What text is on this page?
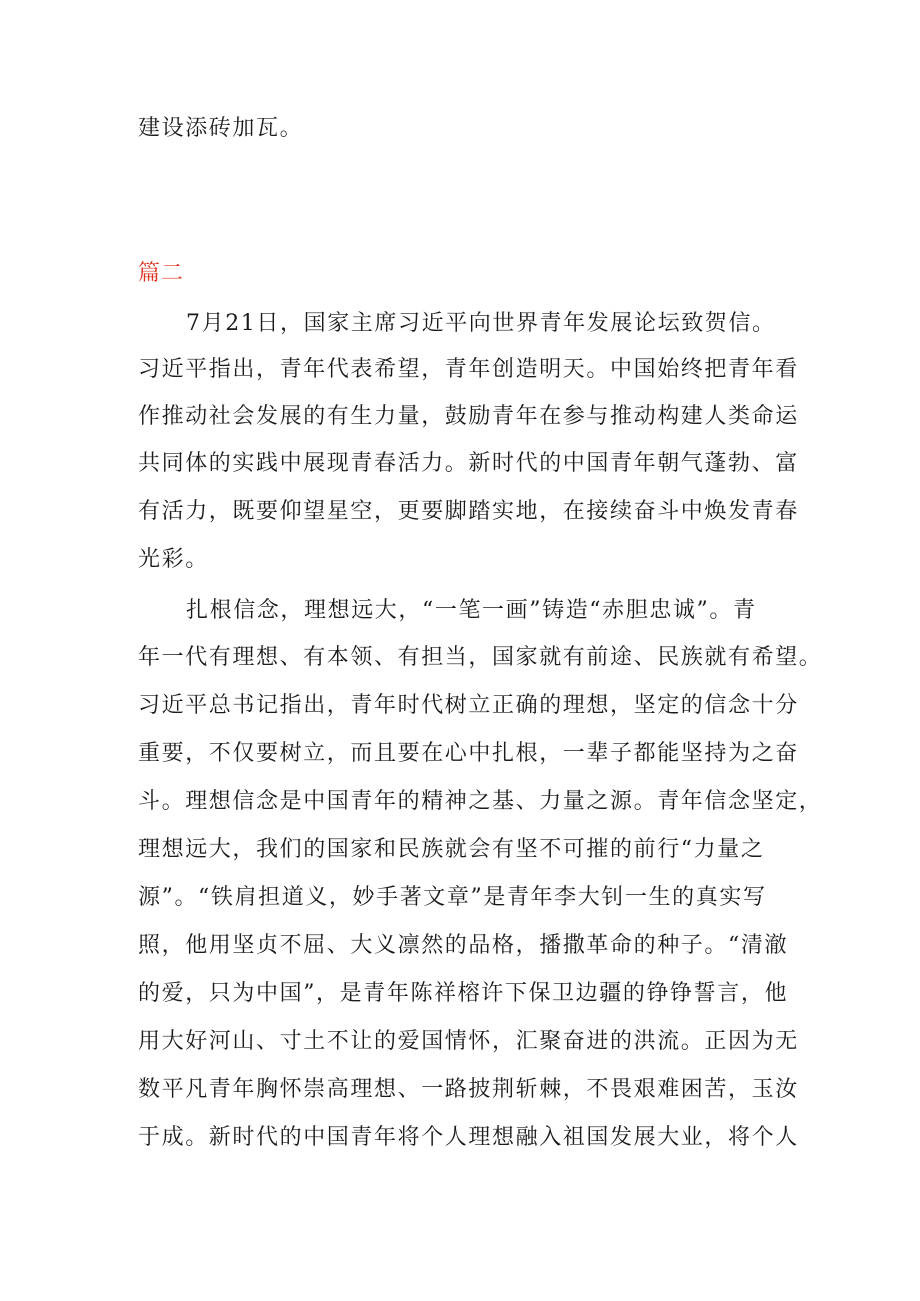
建设添砖加瓦。
篇二
7月21日，国家主席习近平向世界青年发展论坛致贺信。
习近平指出，青年代表希望，青年创造明天。中国始终把青年看
作推动社会发展的有生力量，鼓励青年在参与推动构建人类命运
共同体的实践中展现青春活力。新时代的中国青年朝气蓬勃、富
有活力，既要仰望星空，更要脚踏实地，在接续奋斗中焕发青春
光彩。
扎根信念，理想远大，“一笔一画”铸造“赤胆忠诚”。青
年一代有理想、有本领、有担当，国家就有前途、民族就有希望。
习近平总书记指出，青年时代树立正确的理想，坚定的信念十分
重要，不仅要树立，而且要在心中扎根，一辈子都能坚持为之奋
斗。理想信念是中国青年的精神之基、力量之源。青年信念坚定，
理想远大，我们的国家和民族就会有坚不可摧的前行“力量之
源”。“铁肩担道义，妙手著文章”是青年李大钊一生的真实写
照，他用坚贞不屈、大义凛然的品格，播撒革命的种子。“清澈
的爱，只为中国”，是青年陈祥榕许下保卫边疆的铮铮誓言，他
用大好河山、寸土不让的爱国情怀，汇聚奋进的洪流。正因为无
数平凡青年胸怀崇高理想、一路披荆斩棘，不畏艰难困苦，玉汝
于成。新时代的中国青年将个人理想融入祖国发展大业，将个人
